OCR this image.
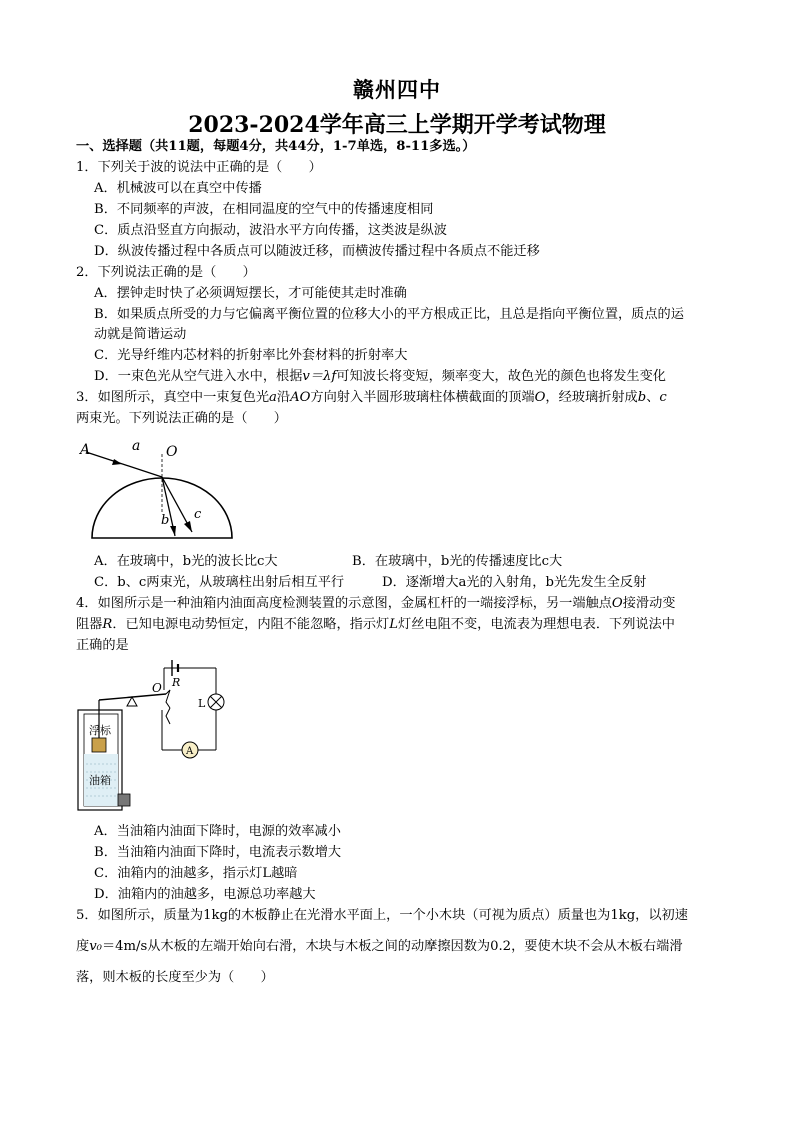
赣州四中
2023-2024学年高三上学期开学考试物理
一、选择题（共11题，每题4分，共44分，1-7单选，8-11多选。）
1．下列关于波的说法中正确的是（　　）
A．机械波可以在真空中传播
B．不同频率的声波，在相同温度的空气中的传播速度相同
C．质点沿竖直方向振动，波沿水平方向传播，这类波是纵波
D．纵波传播过程中各质点可以随波迁移，而横波传播过程中各质点不能迁移
2．下列说法正确的是（　　）
A．摆钟走时快了必须调短摆长，才可能使其走时准确
B．如果质点所受的力与它偏离平衡位置的位移大小的平方根成正比，且总是指向平衡位置，质点的运
动就是简谐运动
C．光导纤维内芯材料的折射率比外套材料的折射率大
D．一束色光从空气进入水中，根据v＝λf可知波长将变短，频率变大，故色光的颜色也将发生变化
3．如图所示，真空中一束复色光a沿AO方向射入半圆形玻璃柱体横截面的顶端O，经玻璃折射成b、c
两束光。下列说法正确的是（　　）
A	a O
b c
A．在玻璃中，b光的波长比c大	B．在玻璃中，b光的传播速度比c大
C．b、c两束光，从玻璃柱出射后相互平行	D．逐渐增大a光的入射角，b光先发生全反射
4．如图所示是一种油箱内油面高度检测装置的示意图，金属杠杆的一端接浮标，另一端触点O接滑动变
阻器R．已知电源电动势恒定，内阻不能忽略，指示灯L灯丝电阻不变，电流表为理想电表．下列说法中
正确的是
浮标
油箱
O R
L
A
A．当油箱内油面下降时，电源的效率减小
B．当油箱内油面下降时，电流表示数增大
C．油箱内的油越多，指示灯L越暗
D．油箱内的油越多，电源总功率越大
5．如图所示，质量为1kg的木板静止在光滑水平面上，一个小木块（可视为质点）质量也为1kg，以初速
度v₀＝4m/s从木板的左端开始向右滑，木块与木板之间的动摩擦因数为0.2，要使木块不会从木板右端滑
落，则木板的长度至少为（　　）
